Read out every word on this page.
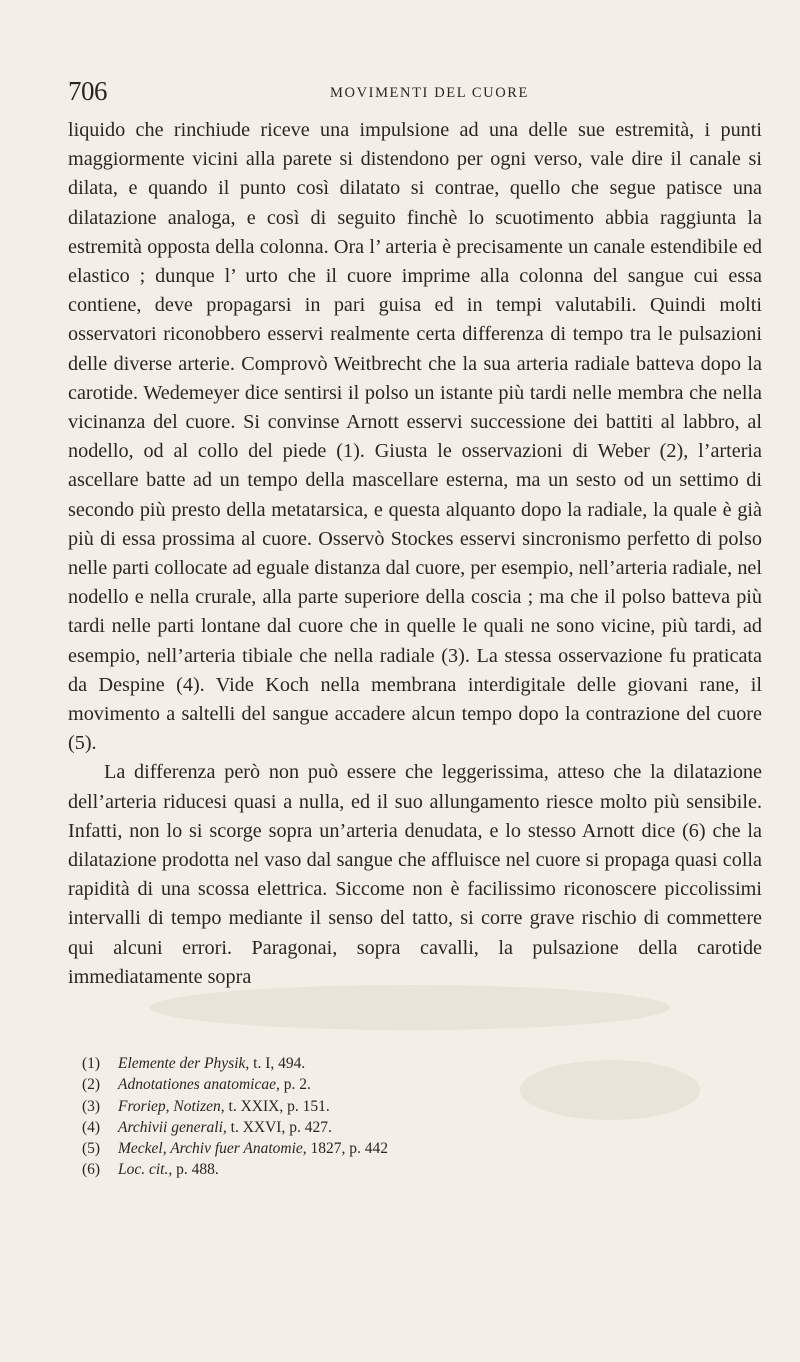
706	MOVIMENTI DEL CUORE

liquido che rinchiude riceve una impulsione ad una delle sue estremità, i punti maggiormente vicini alla parete si distendono per ogni verso, vale dire il canale si dilata, e quando il punto così dilatato si contrae, quello che segue patisce una dilatazione analoga, e così di seguito finchè lo scuotimento abbia raggiunta la estremità opposta della colonna. Ora l’ arteria è precisamente un canale estendibile ed elastico ; dunque l’ urto che il cuore imprime alla colonna del sangue cui essa contiene, deve propagarsi in pari guisa ed in tempi valutabili. Quindi molti osservatori riconobbero esservi realmente certa differenza di tempo tra le pulsazioni delle diverse arterie. Comprovò Weitbrecht che la sua arteria radiale batteva dopo la carotide. Wedemeyer dice sentirsi il polso un istante più tardi nelle membra che nella vicinanza del cuore. Si convinse Arnott esservi successione dei battiti al labbro, al nodello, od al collo del piede (1). Giusta le osservazioni di Weber (2), l’arteria ascellare batte ad un tempo della mascellare esterna, ma un sesto od un settimo di secondo più presto della metatarsica, e questa alquanto dopo la radiale, la quale è già più di essa prossima al cuore. Osservò Stockes esservi sincronismo perfetto di polso nelle parti collocate ad eguale distanza dal cuore, per esempio, nell’arteria radiale, nel nodello e nella crurale, alla parte superiore della coscia ; ma che il polso batteva più tardi nelle parti lontane dal cuore che in quelle le quali ne sono vicine, più tardi, ad esempio, nell’arteria tibiale che nella radiale (3). La stessa osservazione fu praticata da Despine (4). Vide Koch nella membrana interdigitale delle giovani rane, il movimento a saltelli del sangue accadere alcun tempo dopo la contrazione del cuore (5).

La differenza però non può essere che leggerissima, atteso che la dilatazione dell’arteria riducesi quasi a nulla, ed il suo allungamento riesce molto più sensibile. Infatti, non lo si scorge sopra un’arteria denudata, e lo stesso Arnott dice (6) che la dilatazione prodotta nel vaso dal sangue che affluisce nel cuore si propaga quasi colla rapidità di una scossa elettrica. Siccome non è facilissimo riconoscere piccolissimi intervalli di tempo mediante il senso del tatto, si corre grave rischio di commettere qui alcuni errori. Paragonai, sopra cavalli, la pulsazione della carotide immediatamente sopra

(1)	Elemente der Physik, t. I, 494.
(2)	Adnotationes anatomicae, p. 2.
(3)	Froriep, Notizen, t. XXIX, p. 151.
(4)	Archivii generali, t. XXVI, p. 427.
(5)	Meckel, Archiv fuer Anatomie, 1827, p. 442
(6)	Loc. cit., p. 488.
